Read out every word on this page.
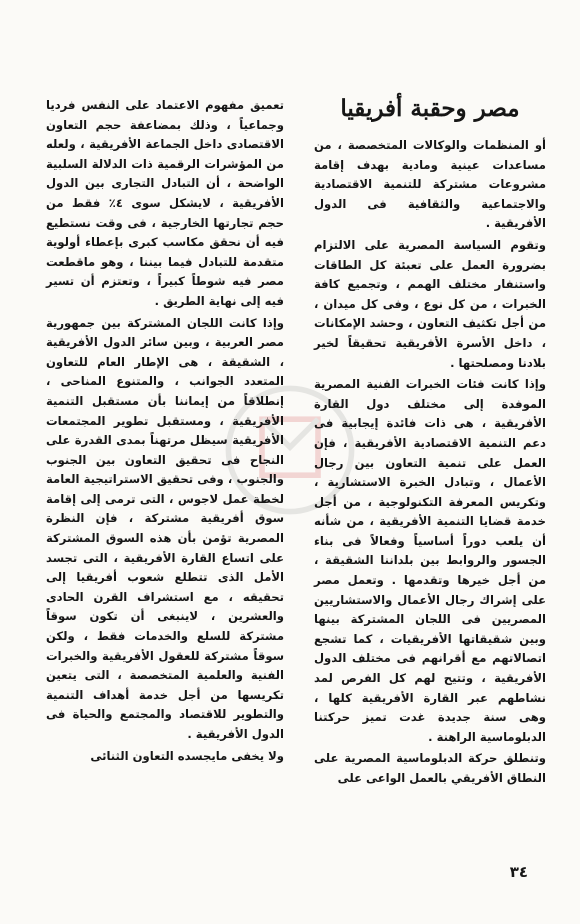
مصر وحقبة أفريقيا

أو المنظمات والوكالات المتخصصة ، من مساعدات عينية ومادية بهدف إقامة مشروعات مشتركة للتنمية الاقتصادية والاجتماعية والثقافية فى الدول الأفريقية .

وتقوم السياسة المصرية على الالتزام بضرورة العمل على تعبئة كل الطاقات واستنفار مختلف الهمم ، وتجميع كافة الخبرات ، من كل نوع ، وفى كل ميدان ، من أجل تكثيف التعاون ، وحشد الإمكانات ، داخل الأسرة الأفريقية تحقيقاً لخير بلادنا ومصلحتها .

وإذا كانت فئات الخبرات الفنية المصرية الموفدة إلى مختلف دول القارة الأفريقية ، هى ذات فائدة إيجابية فى دعم التنمية الاقتصادية الأفريقية ، فإن العمل على تنمية التعاون بين رجال الأعمال ، وتبادل الخبرة الاستشارية ، وتكريس المعرفة التكنولوجية ، من أجل خدمة قضايا التنمية الأفريقية ، من شأنه أن يلعب دوراً أساسياً وفعالاً فى بناء الجسور والروابط بين بلداننا الشقيقة ، من أجل خيرها وتقدمها . وتعمل مصر على إشراك رجال الأعمال والاستشاريين المصريين فى اللجان المشتركة بينها وبين شقيقاتها الأفريقيات ، كما تشجع اتصالاتهم مع أقرانهم فى مختلف الدول الأفريقية ، وتتيح لهم كل الفرص لمد نشاطهم عبر القارة الأفريقية كلها ، وهى سنة جديدة غدت تميز حركتنا الدبلوماسية الراهنة .

وتنطلق حركة الدبلوماسية المصرية على النطاق الأفريقي بالعمل الواعى على

تعميق مفهوم الاعتماد على النفس فرديا وجماعياً ، وذلك بمضاعفة حجم التعاون الاقتصادى داخل الجماعة الأفريقية ، ولعله من المؤشرات الرقمية ذات الدلالة السلبية الواضحة ، أن التبادل التجارى بين الدول الأفريقية ، لايشكل سوى ٤٪ فقط من حجم تجارتها الخارجية ، فى وقت نستطيع فيه أن نحقق مكاسب كبرى بإعطاء أولوية متقدمة للتبادل فيما بيننا ، وهو ماقطعت مصر فيه شوطاً كبيراً ، وتعتزم أن تسير فيه إلى نهاية الطريق .

وإذا كانت اللجان المشتركة بين جمهورية مصر العربية ، وبين سائر الدول الأفريقية ، الشقيقة ، هى الإطار العام للتعاون المتعدد الجوانب ، والمتنوع المناحى ، إنطلاقاً من إيماننا بأن مستقبل التنمية الأفريقية ، ومستقبل تطوير المجتمعات الأفريقية سيظل مرتهناً بمدى القدرة على النجاح فى تحقيق التعاون بين الجنوب والجنوب ، وفى تحقيق الاستراتيجية العامة لخطة عمل لاجوس ، التى ترمى إلى إقامة سوق أفريقية مشتركة ، فإن النظرة المصرية تؤمن بأن هذه السوق المشتركة على اتساع القارة الأفريقية ، التى تجسد الأمل الذى تتطلع شعوب أفريقيا إلى تحقيقه ، مع استشراف القرن الحادى والعشرين ، لاينبغى أن تكون سوقاً مشتركة للسلع والخدمات فقط ، ولكن سوقاً مشتركة للعقول الأفريقية والخبرات الفنية والعلمية المتخصصة ، التى يتعين تكريسها من أجل خدمة أهداف التنمية والتطوير للاقتصاد والمجتمع والحياة فى الدول الأفريقية .

ولا يخفى مايجسده التعاون الثنائى

٣٤
